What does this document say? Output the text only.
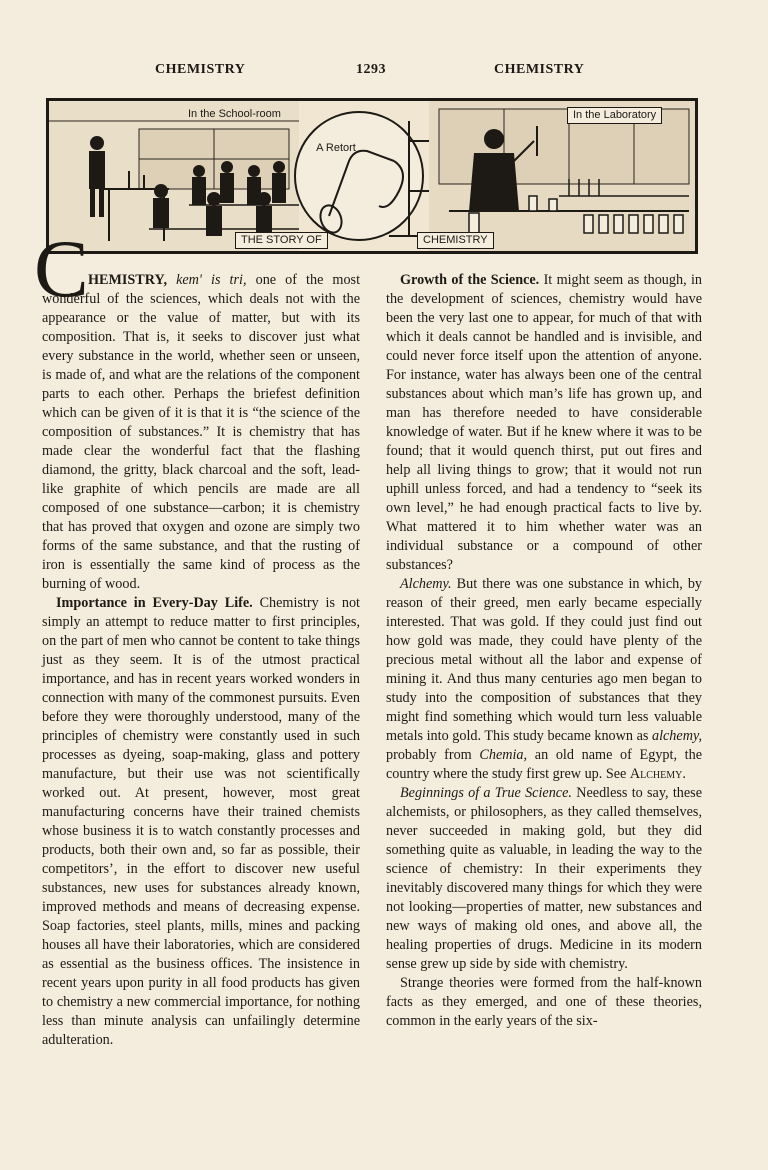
CHEMISTRY	1293	CHEMISTRY
In the School-room	In the Laboratory
A Retort
THE STORY OF	CHEMISTRY
C HEMISTRY, kem' is tri, one of the most wonderful of the sciences, which deals not with the appearance or the value of matter, but with its composition. That is, it seeks to discover just what every substance in the world, whether seen or unseen, is made of, and what are the relations of the component parts to each other. Perhaps the briefest definition which can be given of it is that it is “the science of the composition of substances.” It is chemistry that has made clear the wonderful fact that the flashing diamond, the gritty, black charcoal and the soft, lead-like graphite of which pencils are made are all composed of one substance—carbon; it is chemistry that has proved that oxygen and ozone are simply two forms of the same substance, and that the rusting of iron is essentially the same kind of process as the burning of wood.

Importance in Every-Day Life. Chemistry is not simply an attempt to reduce matter to first principles, on the part of men who cannot be content to take things just as they seem. It is of the utmost practical importance, and has in recent years worked wonders in connection with many of the commonest pursuits. Even before they were thoroughly understood, many of the principles of chemistry were constantly used in such processes as dyeing, soap-making, glass and pottery manufacture, but their use was not scientifically worked out. At present, however, most great manufacturing concerns have their trained chemists whose business it is to watch constantly processes and products, both their own and, so far as possible, their competitors’, in the effort to discover new useful substances, new uses for substances already known, improved methods and means of decreasing expense. Soap factories, steel plants, mills, mines and packing houses all have their laboratories, which are considered as essential as the business offices. The insistence in recent years upon purity in all food products has given to chemistry a new commercial importance, for nothing less than minute analysis can unfailingly determine adulteration.

Growth of the Science. It might seem as though, in the development of sciences, chemistry would have been the very last one to appear, for much of that with which it deals cannot be handled and is invisible, and could never force itself upon the attention of anyone. For instance, water has always been one of the central substances about which man’s life has grown up, and man has therefore needed to have considerable knowledge of water. But if he knew where it was to be found; that it would quench thirst, put out fires and help all living things to grow; that it would not run uphill unless forced, and had a tendency to “seek its own level,” he had enough practical facts to live by. What mattered it to him whether water was an individual substance or a compound of other substances?

Alchemy. But there was one substance in which, by reason of their greed, men early became especially interested. That was gold. If they could just find out how gold was made, they could have plenty of the precious metal without all the labor and expense of mining it. And thus many centuries ago men began to study into the composition of substances that they might find something which would turn less valuable metals into gold. This study became known as alchemy, probably from Chemia, an old name of Egypt, the country where the study first grew up. See Alchemy.

Beginnings of a True Science. Needless to say, these alchemists, or philosophers, as they called themselves, never succeeded in making gold, but they did something quite as valuable, in leading the way to the science of chemistry: In their experiments they inevitably discovered many things for which they were not looking—properties of matter, new substances and new ways of making old ones, and above all, the healing properties of drugs. Medicine in its modern sense grew up side by side with chemistry.

Strange theories were formed from the half-known facts as they emerged, and one of these theories, common in the early years of the six-
